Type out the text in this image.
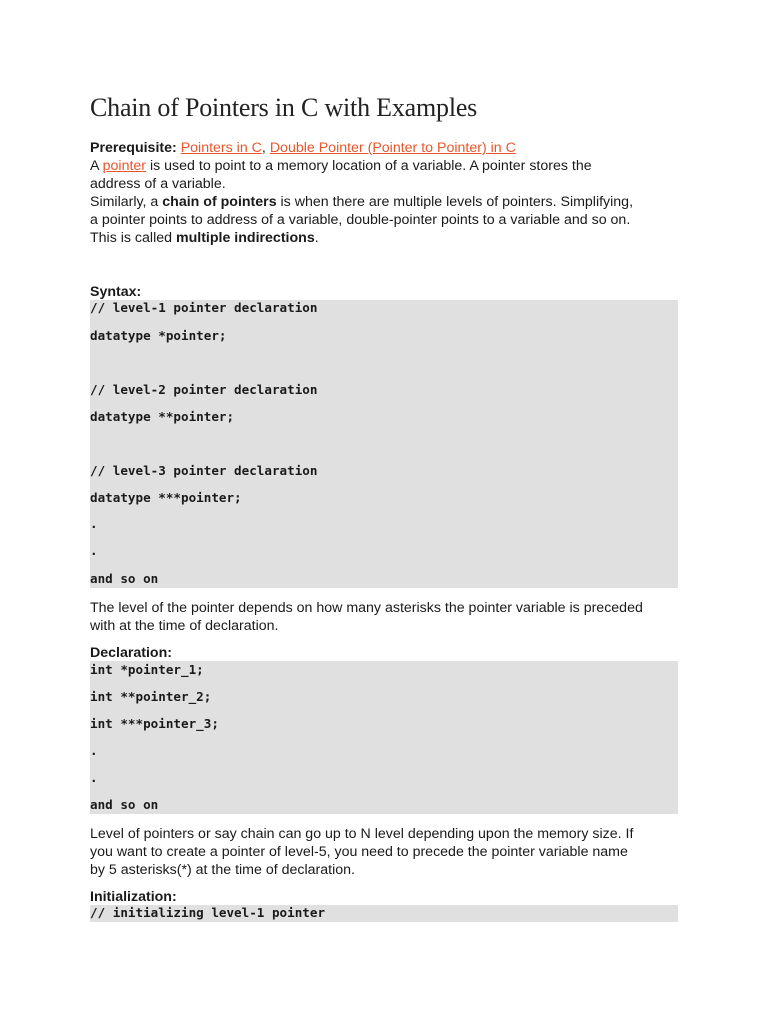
Chain of Pointers in C with Examples

Prerequisite: Pointers in C, Double Pointer (Pointer to Pointer) in C

A pointer is used to point to a memory location of a variable. A pointer stores the
address of a variable.

Similarly, a chain of pointers is when there are multiple levels of pointers. Simplifying,
a pointer points to address of a variable, double-pointer points to a variable and so on.
This is called multiple indirections.

Syntax:

// level-1 pointer declaration
datatype *pointer;
// level-2 pointer declaration
datatype **pointer;
// level-3 pointer declaration
datatype ***pointer;
.
.
and so on

The level of the pointer depends on how many asterisks the pointer variable is preceded
with at the time of declaration.

Declaration:

int *pointer_1;
int **pointer_2;
int ***pointer_3;
.
.
and so on

Level of pointers or say chain can go up to N level depending upon the memory size. If
you want to create a pointer of level-5, you need to precede the pointer variable name
by 5 asterisks(*) at the time of declaration.

Initialization:

// initializing level-1 pointer
